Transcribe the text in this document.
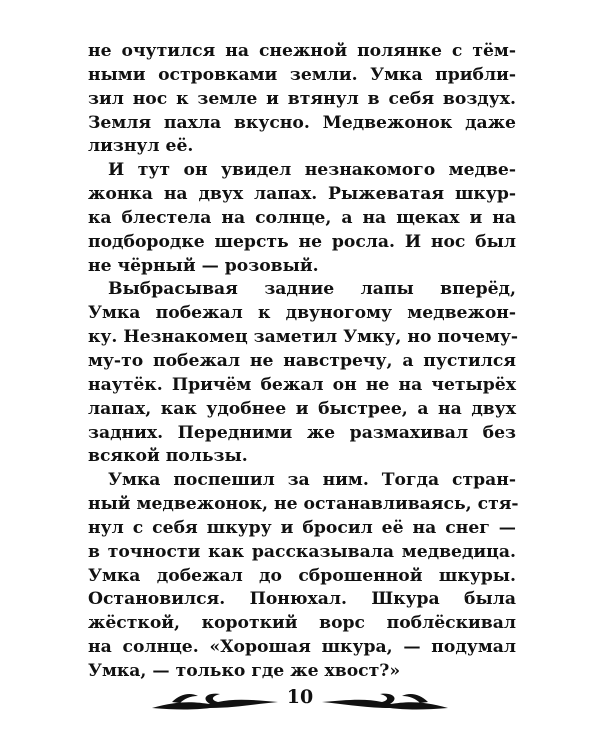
не очутился на снежной полянке с тём-
ными островками земли. Умка прибли-
зил нос к земле и втянул в себя воздух.
Земля пахла вкусно. Медвежонок даже
лизнул её.
И тут он увидел незнакомого медве-
жонка на двух лапах. Рыжеватая шкур-
ка блестела на солнце, а на щеках и на
подбородке шерсть не росла. И нос был
не чёрный — розовый.
Выбрасывая задние лапы вперёд,
Умка побежал к двуногому медвежон-
ку. Незнакомец заметил Умку, но почему-
му-то побежал не навстречу, а пустился
наутёк. Причём бежал он не на четырёх
лапах, как удобнее и быстрее, а на двух
задних. Передними же размахивал без
всякой пользы.
Умка поспешил за ним. Тогда стран-
ный медвежонок, не останавливаясь, стя-
нул с себя шкуру и бросил её на снег —
в точности как рассказывала медведица.
Умка добежал до сброшенной шкуры.
Остановился. Понюхал. Шкура была
жёсткой, короткий ворс поблёскивал
на солнце. «Хорошая шкура, — подумал
Умка, — только где же хвост?»
10
